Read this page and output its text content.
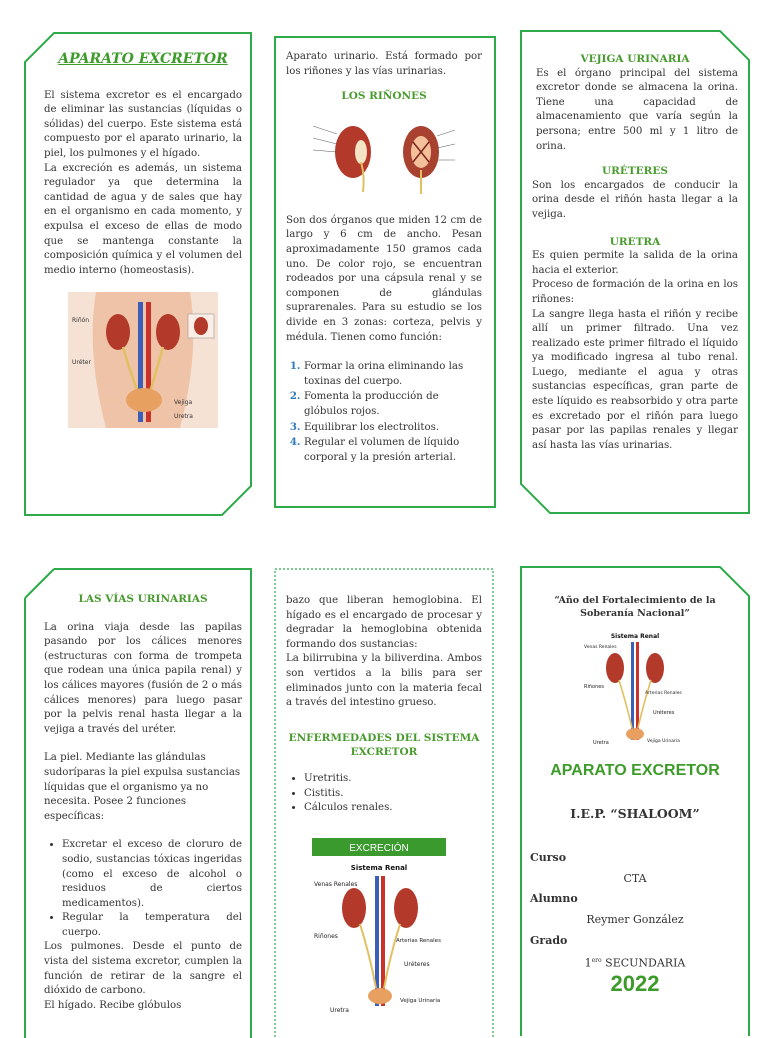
APARATO EXCRETOR

El sistema excretor es el encargado de eliminar las sustancias (líquidas o sólidas) del cuerpo. Este sistema está compuesto por el aparato urinario, la piel, los pulmones y el hígado.

La excreción es además, un sistema regulador ya que determina la cantidad de agua y de sales que hay en el organismo en cada momento, y expulsa el exceso de ellas de modo que se mantenga constante la composición química y el volumen del medio interno (homeostasis).

Riñón
Uréter
Vejiga
Uretra

Aparato urinario. Está formado por los riñones y las vías urinarias.

LOS RIÑONES

Son dos órganos que miden 12 cm de largo y 6 cm de ancho. Pesan aproximadamente 150 gramos cada uno. De color rojo, se encuentran rodeados por una cápsula renal y se componen de glándulas suprarenales. Para su estudio se los divide en 3 zonas: corteza, pelvis y médula. Tienen como función:

1. Formar la orina eliminando las toxinas del cuerpo.
2. Fomenta la producción de glóbulos rojos.
3. Equilibrar los electrolitos.
4. Regular el volumen de líquido corporal y la presión arterial.

VEJIGA URINARIA

Es el órgano principal del sistema excretor donde se almacena la orina. Tiene una capacidad de almacenamiento que varía según la persona; entre 500 ml y 1 litro de orina.

URÉTERES

Son los encargados de conducir la orina desde el riñón hasta llegar a la vejiga.

URETRA

Es quien permite la salida de la orina hacia el exterior.

Proceso de formación de la orina en los riñones:

La sangre llega hasta el riñón y recibe allí un primer filtrado. Una vez realizado este primer filtrado el líquido ya modificado ingresa al tubo renal. Luego, mediante el agua y otras sustancias específicas, gran parte de este líquido es reabsorbido y otra parte es excretado por el riñón para luego pasar por las papilas renales y llegar así hasta las vías urinarias.

LAS VÍAS URINARIAS

La orina viaja desde las papilas pasando por los cálices menores (estructuras con forma de trompeta que rodean una única papila renal) y los cálices mayores (fusión de 2 o más cálices menores) para luego pasar por la pelvis renal hasta llegar a la vejiga a través del uréter.

La piel. Mediante las glándulas sudoríparas la piel expulsa sustancias líquidas que el organismo ya no necesita. Posee 2 funciones específicas:

• Excretar el exceso de cloruro de sodio, sustancias tóxicas ingeridas (como el exceso de alcohol o residuos de ciertos medicamentos).
• Regular la temperatura del cuerpo.

Los pulmones. Desde el punto de vista del sistema excretor, cumplen la función de retirar de la sangre el dióxido de carbono.

El hígado. Recibe glóbulos

bazo que liberan hemoglobina. El hígado es el encargado de procesar y degradar la hemoglobina obtenida formando dos sustancias:

La bilirrubina y la biliverdina. Ambos son vertidos a la bilis para ser eliminados junto con la materia fecal a través del intestino grueso.

ENFERMEDADES DEL SISTEMA EXCRETOR

• Uretritis.
• Cistitis.
• Cálculos renales.
EXCRECIÓN
Sistema Renal
Venas Renales
Riñones
Arterias Renales
Uréteres
Uretra
Vejiga Urinaria

“Año del Fortalecimiento de la Soberanía Nacional”

Sistema Renal
Venas Renales
Riñones
Arterias Renales
Uréteres
Uretra	Vejiga Urinaria
APARATO EXCRETOR
I.E.P. “SHALOOM”
Curso
CTA
Alumno
Reymer González
Grado
$1^{ero}$ SECUNDARIA
2022
